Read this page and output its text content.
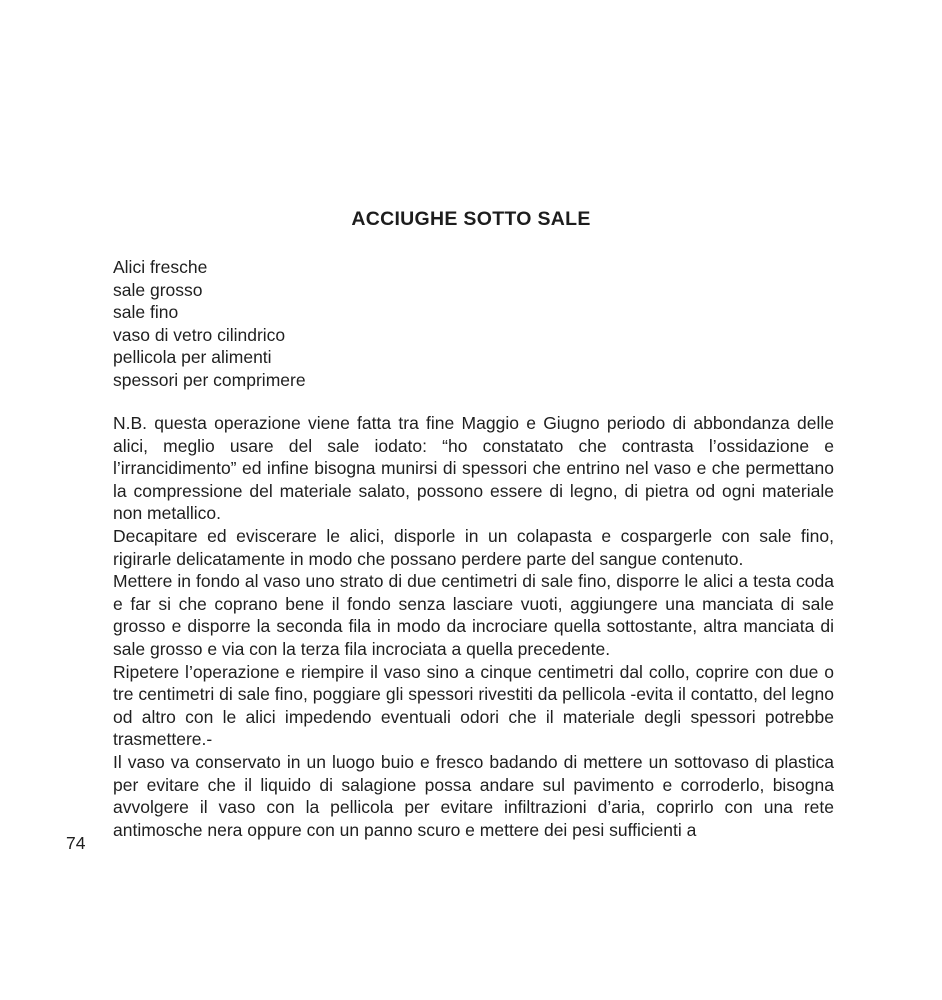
ACCIUGHE SOTTO SALE
Alici fresche
sale grosso
sale fino
vaso di vetro cilindrico
pellicola per alimenti
spessori per comprimere

N.B. questa operazione viene fatta tra fine Maggio e Giugno periodo di abbondanza delle alici, meglio usare del sale iodato: “ho constatato che contrasta l’ossidazione e l’irrancidimento” ed infine bisogna munirsi di spessori che entrino nel vaso e che permettano la compressione del materiale salato, possono essere di legno, di pietra od ogni materiale non metallico.

Decapitare ed eviscerare le alici, disporle in un colapasta e cospargerle con sale fino, rigirarle delicatamente in modo che possano perdere parte del sangue contenuto.

Mettere in fondo al vaso uno strato di due centimetri di sale fino, disporre le alici a testa coda e far si che coprano bene il fondo senza lasciare vuoti, aggiungere una manciata di sale grosso e disporre la seconda fila in modo da incrociare quella sottostante, altra manciata di sale grosso e via con la terza fila incrociata a quella precedente.

Ripetere l’operazione e riempire il vaso sino a cinque centimetri dal collo, coprire con due o tre centimetri di sale fino, poggiare gli spessori rivestiti da pellicola -evita il contatto, del legno od altro con le alici impedendo eventuali odori che il materiale degli spessori potrebbe trasmettere.-

Il vaso va conservato in un luogo buio e fresco badando di mettere un sottovaso di plastica per evitare che il liquido di salagione possa andare sul pavimento e corroderlo, bisogna avvolgere il vaso con la pellicola per evitare infiltrazioni d’aria, coprirlo con una rete antimosche nera oppure con un panno scuro e mettere dei pesi sufficienti a

74
